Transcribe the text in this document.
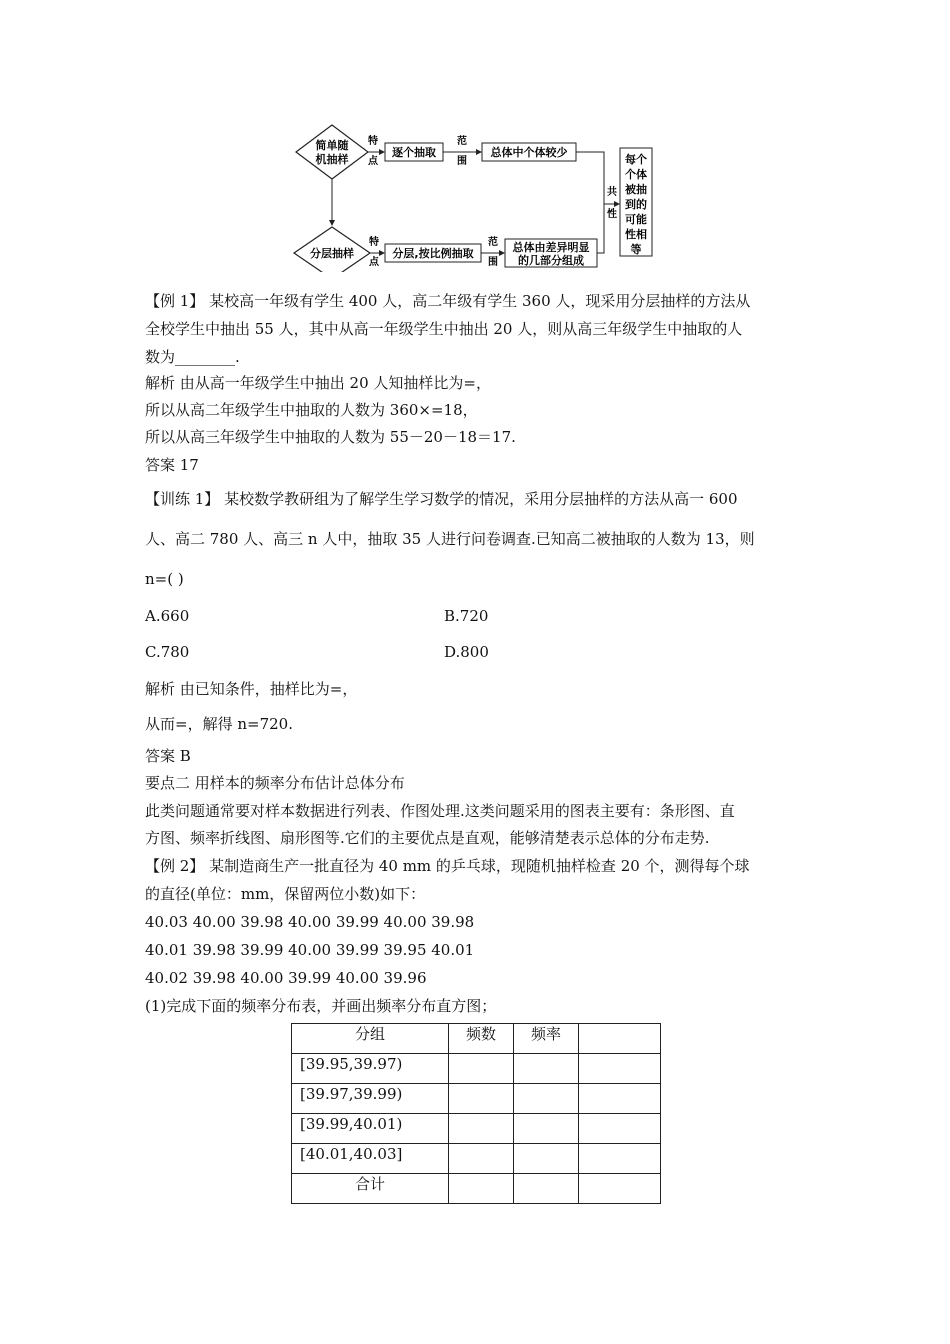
简单随
机抽样
分层抽样
特
点
逐个抽取
范
围
总体中个体较少
特
点
分层,按比例抽取
范
围
总体由差异明显
的几部分组成
共
性
每个
个体
被抽
到的
可能
性相
等
【例 1】 某校高一年级有学生 400 人，高二年级有学生 360 人，现采用分层抽样的方法从
全校学生中抽出 55 人，其中从高一年级学生中抽出 20 人，则从高三年级学生中抽取的人
数为________.
解析 由从高一年级学生中抽出 20 人知抽样比为=，
所以从高二年级学生中抽取的人数为 360×=18，
所以从高三年级学生中抽取的人数为 55－20－18＝17.
答案 17
【训练 1】 某校数学教研组为了解学生学习数学的情况，采用分层抽样的方法从高一 600
人、高二 780 人、高三 n 人中，抽取 35 人进行问卷调查.已知高二被抽取的人数为 13，则
n=( )
A.660	B.720
C.780	D.800
解析 由已知条件，抽样比为=，
从而=，解得 n=720.
答案 B
要点二 用样本的频率分布估计总体分布
此类问题通常要对样本数据进行列表、作图处理.这类问题采用的图表主要有：条形图、直
方图、频率折线图、扇形图等.它们的主要优点是直观，能够清楚表示总体的分布走势.
【例 2】 某制造商生产一批直径为 40 mm 的乒乓球，现随机抽样检查 20 个，测得每个球
的直径(单位：mm，保留两位小数)如下：
40.03 40.00 39.98 40.00 39.99 40.00 39.98
40.01 39.98 39.99 40.00 39.99 39.95 40.01
40.02 39.98 40.00 39.99 40.00 39.96
(1)完成下面的频率分布表，并画出频率分布直方图；
分组	频数	频率	
[39.95,39.97)			
[39.97,39.99)			
[39.99,40.01)			
[40.01,40.03]			
合计			
